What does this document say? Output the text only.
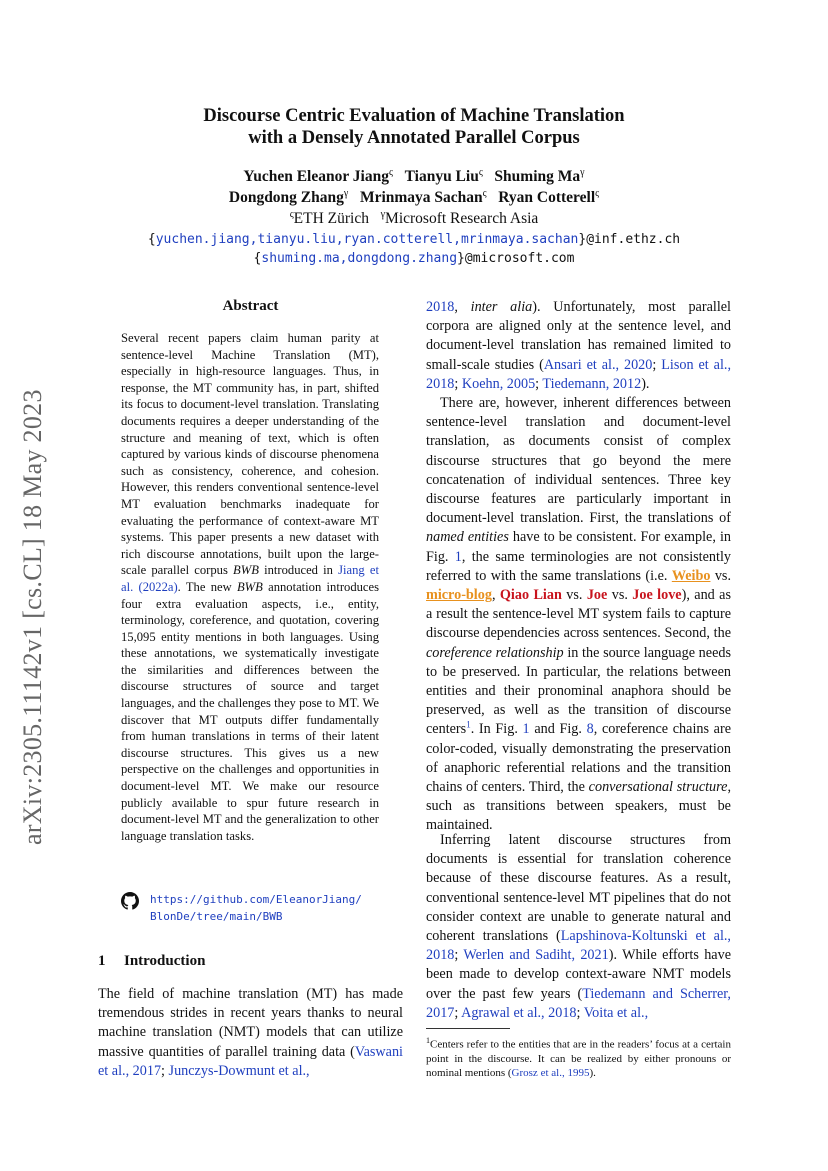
arXiv:2305.11142v1 [cs.CL] 18 May 2023
Discourse Centric Evaluation of Machine Translation
with a Densely Annotated Parallel Corpus
Yuchen Eleanor Jiang$^\varsigma$ Tianyu Liu$^\varsigma$ Shuming $Ma^\gamma$
Dongdong Zhang$^\gamma$ Mrinmaya Sachan$^\varsigma$ Ryan Cotterell$^\varsigma$
$^\varsigma$ETH Zürich $^\gamma$Microsoft Research Asia
{yuchen.jiang,tianyu.liu,ryan.cotterell,mrinmaya.sachan}@inf.ethz.ch
{shuming.ma,dongdong.zhang}@microsoft.com
Abstract

Several recent papers claim human parity at sentence-level Machine Translation (MT), especially in high-resource languages. Thus, in response, the MT community has, in part, shifted its focus to document-level translation. Translating documents requires a deeper understanding of the structure and meaning of text, which is often captured by various kinds of discourse phenomena such as consistency, coherence, and cohesion. However, this renders conventional sentence-level MT evaluation benchmarks inadequate for evaluating the performance of context-aware MT systems. This paper presents a new dataset with rich discourse annotations, built upon the large-scale parallel corpus BWB introduced in Jiang et al. (2022a). The new BWB annotation introduces four extra evaluation aspects, i.e., entity, terminology, coreference, and quotation, covering 15,095 entity mentions in both languages. Using these annotations, we systematically investigate the similarities and differences between the discourse structures of source and target languages, and the challenges they pose to MT. We discover that MT outputs differ fundamentally from human translations in terms of their latent discourse structures. This gives us a new perspective on the challenges and opportunities in document-level MT. We make our resource publicly available to spur future research in document-level MT and the generalization to other language translation tasks.

https://github.com/EleanorJiang/
BlonDe/tree/main/BWB
1 Introduction

The field of machine translation (MT) has made tremendous strides in recent years thanks to neural machine translation (NMT) models that can utilize massive quantities of parallel training data (Vaswani et al., 2017; Junczys-Dowmunt et al.,

2018, inter alia). Unfortunately, most parallel corpora are aligned only at the sentence level, and document-level translation has remained limited to small-scale studies (Ansari et al., 2020; Lison et al., 2018; Koehn, 2005; Tiedemann, 2012).

There are, however, inherent differences between sentence-level translation and document-level translation, as documents consist of complex discourse structures that go beyond the mere concatenation of individual sentences. Three key discourse features are particularly important in document-level translation. First, the translations of named entities have to be consistent. For example, in Fig. 1, the same terminologies are not consistently referred to with the same translations (i.e. Weibo vs. micro-blog, Qiao Lian vs. Joe vs. Joe love), and as a result the sentence-level MT system fails to capture discourse dependencies across sentences. Second, the coreference relationship in the source language needs to be preserved. In particular, the relations between entities and their pronominal anaphora should be preserved, as well as the transition of discourse centers$^1$. In Fig. 1 and Fig. 8, coreference chains are color-coded, visually demonstrating the preservation of anaphoric referential relations and the transition chains of centers. Third, the conversational structure, such as transitions between speakers, must be maintained.

Inferring latent discourse structures from documents is essential for translation coherence because of these discourse features. As a result, conventional sentence-level MT pipelines that do not consider context are unable to generate natural and coherent translations (Lapshinova-Koltunski et al., 2018; Werlen and Sadiht, 2021). While efforts have been made to develop context-aware NMT models over the past few years (Tiedemann and Scherrer, 2017; Agrawal et al., 2018; Voita et al.,

$^1$Centers refer to the entities that are in the readers’ focus at a certain point in the discourse. It can be realized by either pronouns or nominal mentions (Grosz et al., 1995).
